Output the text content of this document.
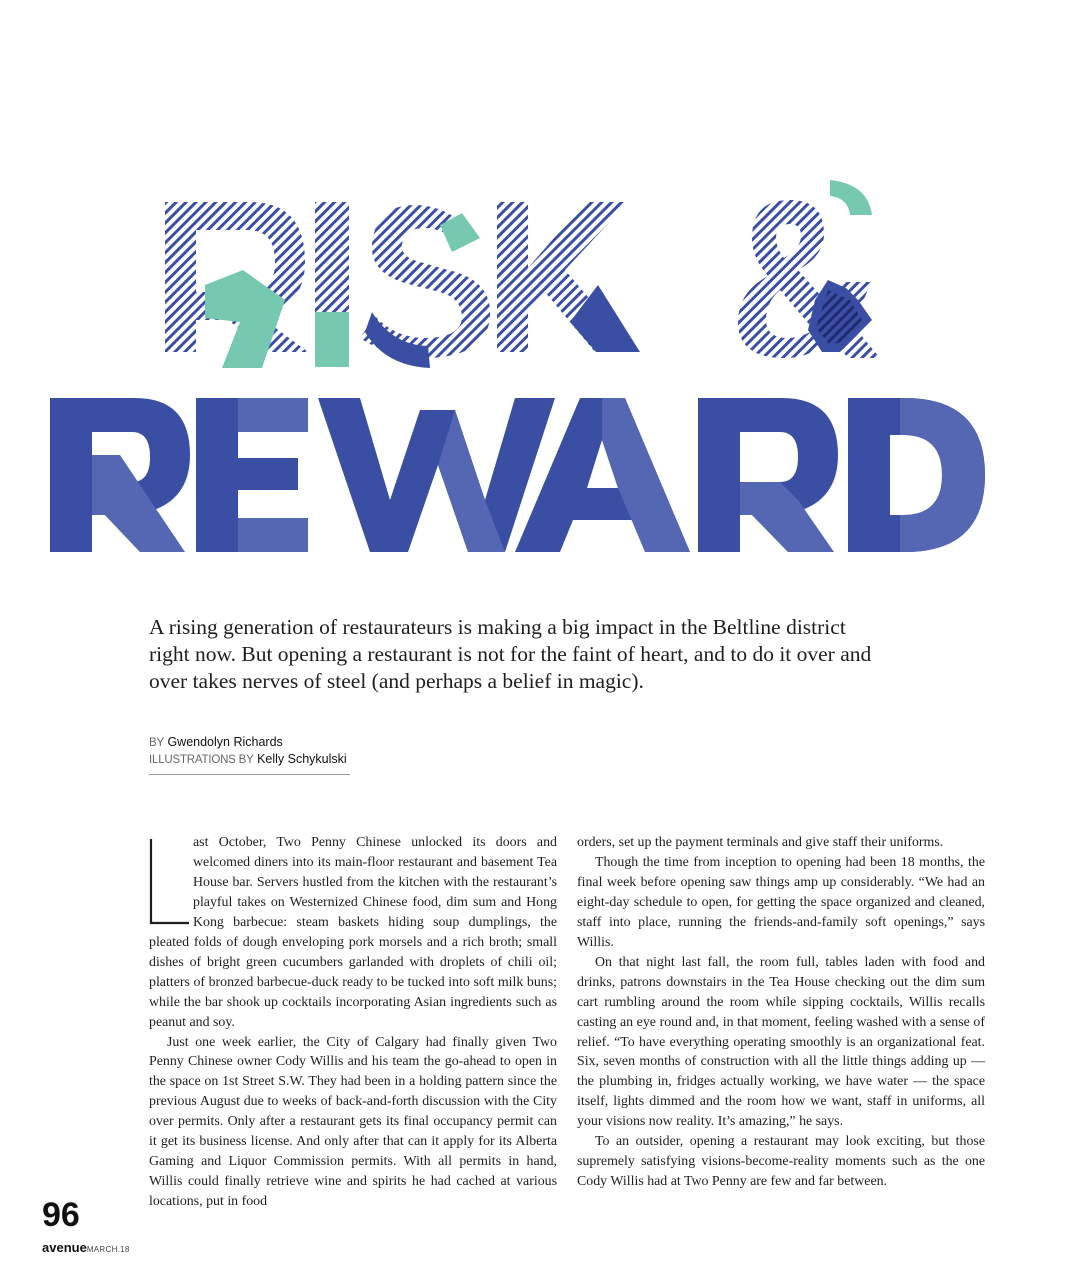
A rising generation of restaurateurs is making a big impact in the Beltline district right now. But opening a restaurant is not for the faint of heart, and to do it over and over takes nerves of steel (and perhaps a belief in magic).

BY Gwendolyn Richards
ILLUSTRATIONS BY Kelly Schykulski

ast October, Two Penny Chinese unlocked its doors and welcomed diners into its main-floor restaurant and basement Tea House bar. Servers hustled from the kitchen with the restaurant’s playful takes on Westernized Chinese food, dim sum and Hong Kong barbecue: steam baskets hiding soup dumplings, the pleated folds of dough enveloping pork morsels and a rich broth; small dishes of bright green cucumbers garlanded with droplets of chili oil; platters of bronzed barbecue-duck ready to be tucked into soft milk buns; while the bar shook up cocktails incorporating Asian ingredients such as peanut and soy.

Just one week earlier, the City of Calgary had finally given Two Penny Chinese owner Cody Willis and his team the go-ahead to open in the space on 1st Street S.W. They had been in a holding pattern since the previous August due to weeks of back-and-forth discussion with the City over permits. Only after a restaurant gets its final occupancy permit can it get its business license. And only after that can it apply for its Alberta Gaming and Liquor Commission permits. With all permits in hand, Willis could finally retrieve wine and spirits he had cached at various locations, put in food

orders, set up the payment terminals and give staff their uniforms.

Though the time from inception to opening had been 18 months, the final week before opening saw things amp up considerably. “We had an eight-day schedule to open, for getting the space organized and cleaned, staff into place, running the friends-and-family soft openings,” says Willis.

On that night last fall, the room full, tables laden with food and drinks, patrons downstairs in the Tea House checking out the dim sum cart rumbling around the room while sipping cocktails, Willis recalls casting an eye round and, in that moment, feeling washed with a sense of relief. “To have everything operating smoothly is an organizational feat. Six, seven months of construction with all the little things adding up — the plumbing in, fridges actually working, we have water — the space itself, lights dimmed and the room how we want, staff in uniforms, all your visions now reality. It’s amazing,” he says.

To an outsider, opening a restaurant may look exciting, but those supremely satisfying visions-become-reality moments such as the one Cody Willis had at Two Penny are few and far between.

96
avenueMARCH.18
